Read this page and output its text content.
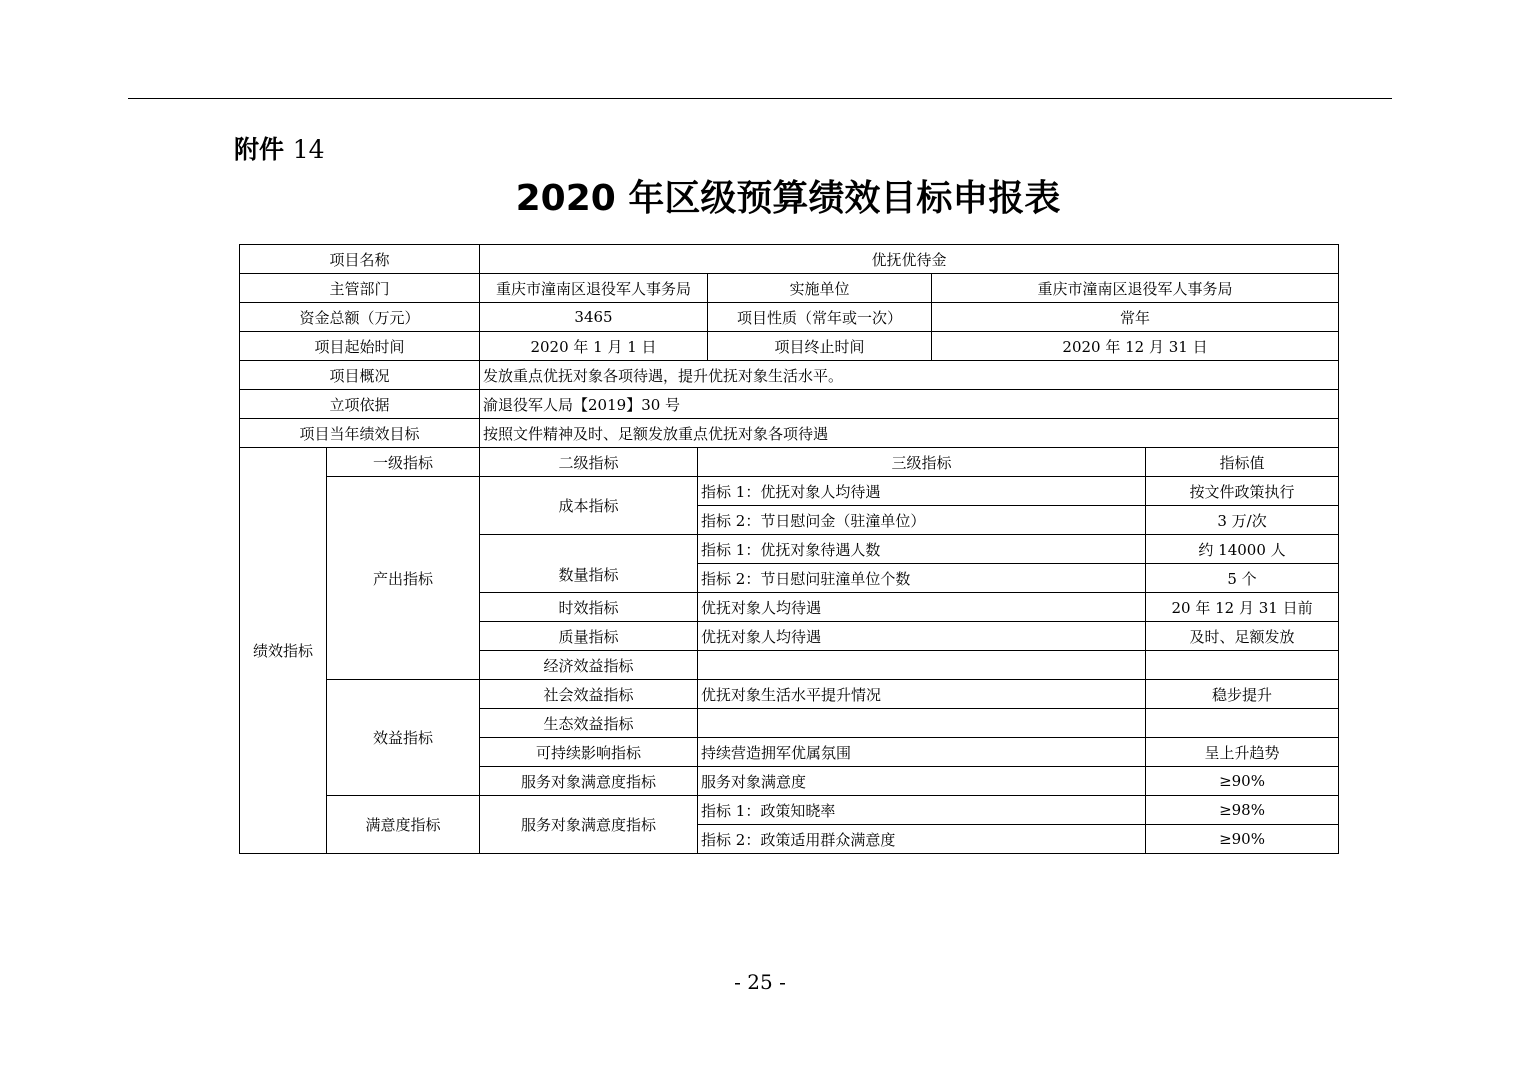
附件 14
2020 年区级预算绩效目标申报表
项目名称		优抚优待金				
主管部门		重庆市潼南区退役军人事务局		实施单位	重庆市潼南区退役军人事务局	
资金总额（万元）		3465		项目性质（常年或一次）	常年	
项目起始时间		2020 年 1 月 1 日		项目终止时间	2020 年 12 月 31 日	
项目概况		发放重点优抚对象各项待遇，提升优抚对象生活水平。				
立项依据		渝退役军人局【2019】30 号				
项目当年绩效目标		按照文件精神及时、足额发放重点优抚对象各项待遇				
绩效指标	一级指标	二级指标	三级指标			指标值
	产出指标	成本指标	指标 1：优抚对象人均待遇			按文件政策执行
			指标 2：节日慰问金（驻潼单位）			3 万/次
		数量指标	指标 1：优抚对象待遇人数			约 14000 人
			指标 2：节日慰问驻潼单位个数			5 个
		时效指标	优抚对象人均待遇			20 年 12 月 31 日前
		质量指标	优抚对象人均待遇			及时、足额发放
		经济效益指标				
	效益指标	社会效益指标	优抚对象生活水平提升情况			稳步提升
		生态效益指标				
		可持续影响指标	持续营造拥军优属氛围			呈上升趋势
		服务对象满意度指标	服务对象满意度			≥90%
	满意度指标	服务对象满意度指标	指标 1：政策知晓率			≥98%
			指标 2：政策适用群众满意度			≥90%
- 25 -
